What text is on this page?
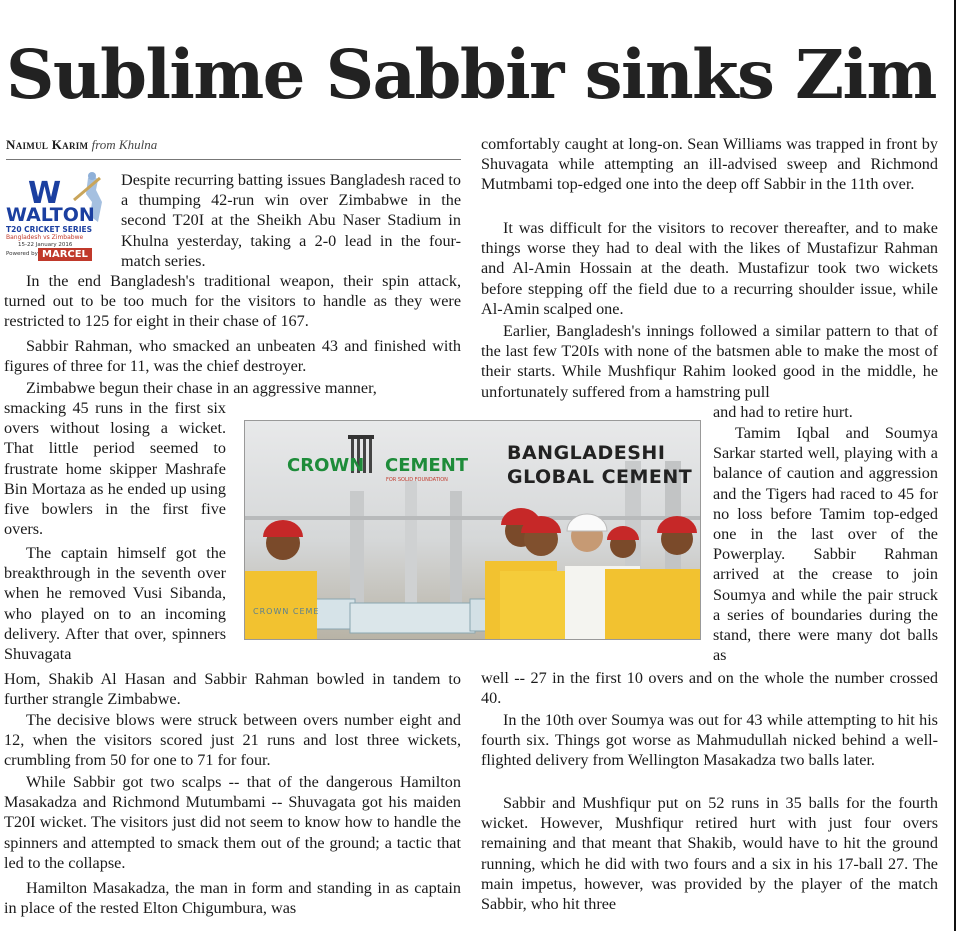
Sublime Sabbir sinks Zim
Naimul Karim from Khulna
W
WALTON
T20 CRICKET SERIES
Bangladesh vs Zimbabwe
15-22 January 2016
Powered by MARCEL

Despite recurring batting issues Bangladesh raced to a thumping 42-run win over Zimbabwe in the second T20I at the Sheikh Abu Naser Stadium in Khulna yesterday, taking a 2-0 lead in the four-match series.

In the end Bangladesh's traditional weapon, their spin attack, turned out to be too much for the visitors to handle as they were restricted to 125 for eight in their chase of 167.

Sabbir Rahman, who smacked an unbeaten 43 and finished with figures of three for 11, was the chief destroyer.

Zimbabwe begun their chase in an aggressive manner,

smacking 45 runs in the first six overs without losing a wicket. That little period seemed to frustrate home skipper Mashrafe Bin Mortaza as he ended up using five bowlers in the first five overs.

The captain himself got the breakthrough in the seventh over when he removed Vusi Sibanda, who played on to an incoming delivery. After that over, spinners Shuvagata

Hom, Shakib Al Hasan and Sabbir Rahman bowled in tandem to further strangle Zimbabwe.

The decisive blows were struck between overs number eight and 12, when the visitors scored just 21 runs and lost three wickets, crumbling from 50 for one to 71 for four.

While Sabbir got two scalps -- that of the dangerous Hamilton Masakadza and Richmond Mutumbami -- Shuvagata got his maiden T20I wicket. The visitors just did not seem to know how to handle the spinners and attempted to smack them out of the ground; a tactic that led to the collapse.

Hamilton Masakadza, the man in form and standing in as captain in place of the rested Elton Chigumbura, was

comfortably caught at long-on. Sean Williams was trapped in front by Shuvagata while attempting an ill-advised sweep and Richmond Mutmbami top-edged one into the deep off Sabbir in the 11th over.

It was difficult for the visitors to recover thereafter, and to make things worse they had to deal with the likes of Mustafizur Rahman and Al-Amin Hossain at the death. Mustafizur took two wickets before stepping off the field due to a recurring shoulder issue, while Al-Amin scalped one.

Earlier, Bangladesh's innings followed a similar pattern to that of the last few T20Is with none of the batsmen able to make the most of their starts. While Mushfiqur Rahim looked good in the middle, he unfortunately suffered from a hamstring pull

and had to retire hurt.

Tamim Iqbal and Soumya Sarkar started well, playing with a balance of caution and aggression and the Tigers had raced to 45 for no loss before Tamim top-edged one in the last over of the Powerplay. Sabbir Rahman arrived at the crease to join Soumya and while the pair struck a series of boundaries during the stand, there were many dot balls as

well -- 27 in the first 10 overs and on the whole the number crossed 40.

In the 10th over Soumya was out for 43 while attempting to hit his fourth six. Things got worse as Mahmudullah nicked behind a well-flighted delivery from Wellington Masakadza two balls later.

Sabbir and Mushfiqur put on 52 runs in 35 balls for the fourth wicket. However, Mushfiqur retired hurt with just four overs remaining and that meant that Shakib, would have to hit the ground running, which he did with two fours and a six in his 17-ball 27. The main impetus, however, was provided by the player of the match Sabbir, who hit three

CROWN CEMENT
FOR SOLID FOUNDATION
BANGLADESHI
GLOBAL CEMENT
CROWN CEME
